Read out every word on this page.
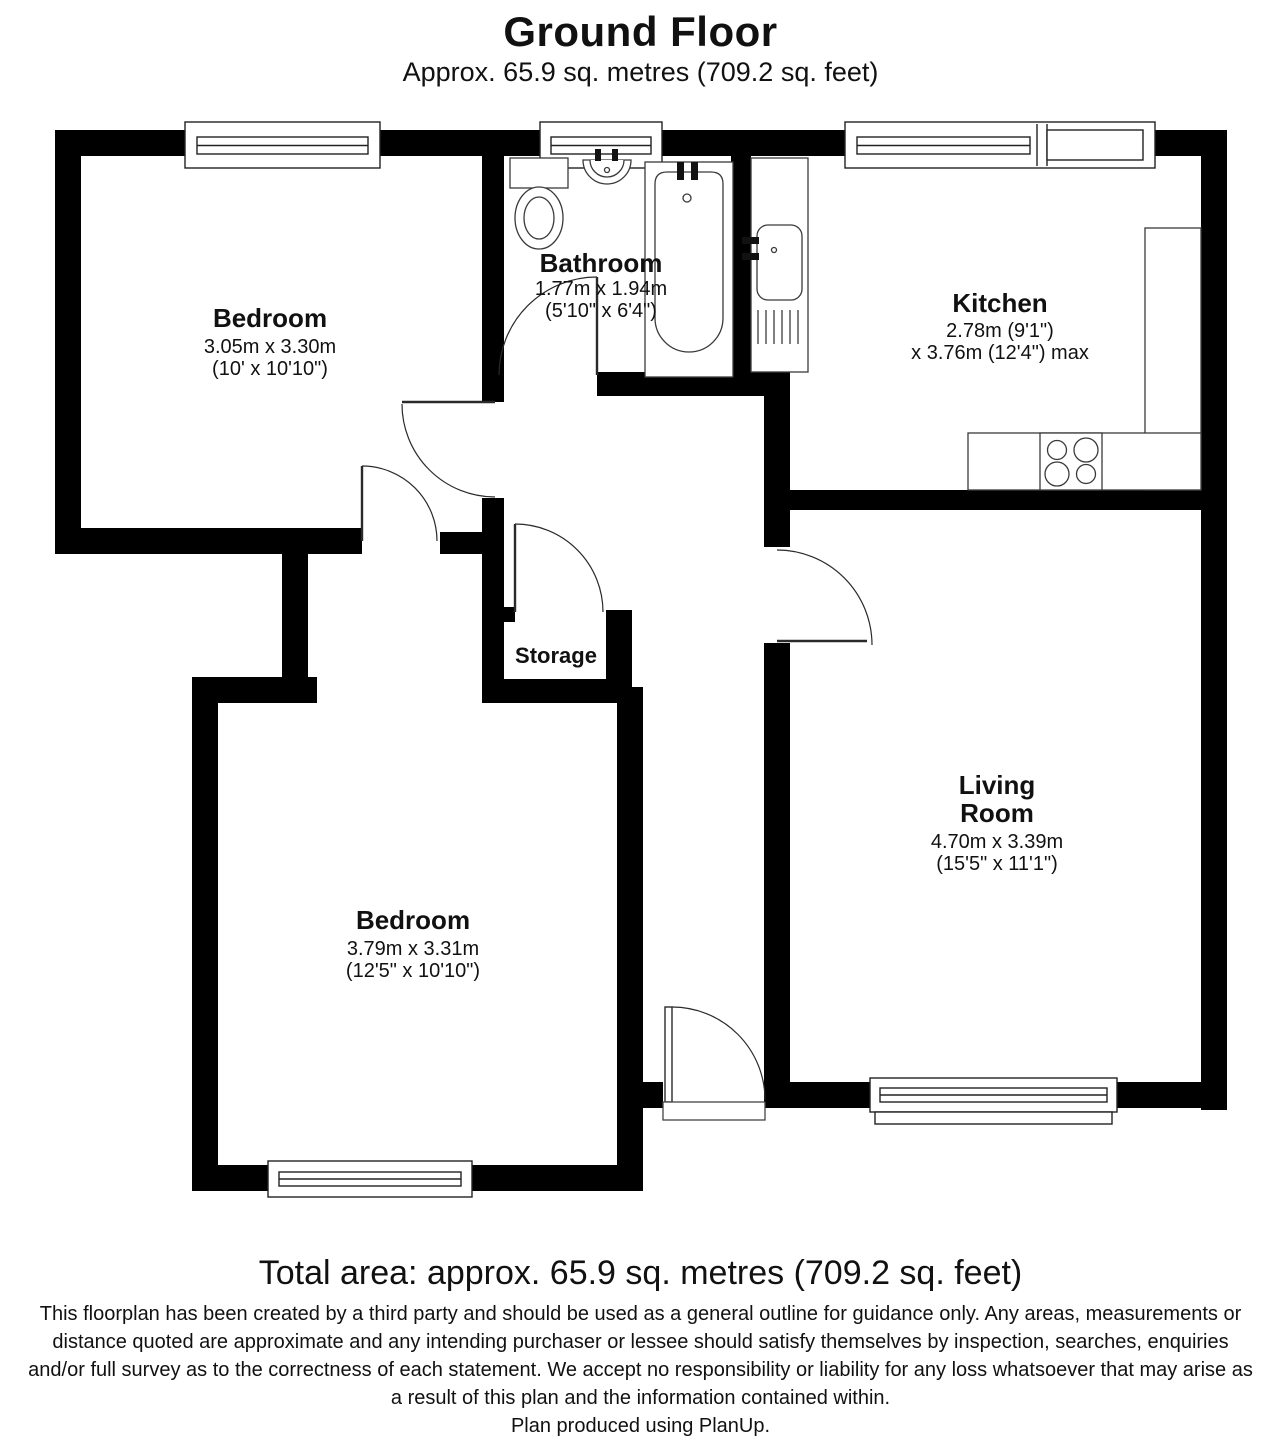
Ground Floor
Approx. 65.9 sq. metres (709.2 sq. feet)
Bedroom
3.05m x 3.30m
(10' x 10'10")
Bathroom
1.77m x 1.94m
(5'10" x 6'4")	Kitchen
2.78m (9'1")
x 3.76m (12'4") max
Storage
Living
Room
4.70m x 3.39m
(15'5" x 11'1")
Bedroom
3.79m x 3.31m
(12'5" x 10'10")
Total area: approx. 65.9 sq. metres (709.2 sq. feet)
This floorplan has been created by a third party and should be used as a general outline for guidance only. Any areas, measurements or distance quoted are approximate and any intending purchaser or lessee should satisfy themselves by inspection, searches, enquiries and/or full survey as to the correctness of each statement. We accept no responsibility or liability for any loss whatsoever that may arise as a result of this plan and the information contained within.
Plan produced using PlanUp.
